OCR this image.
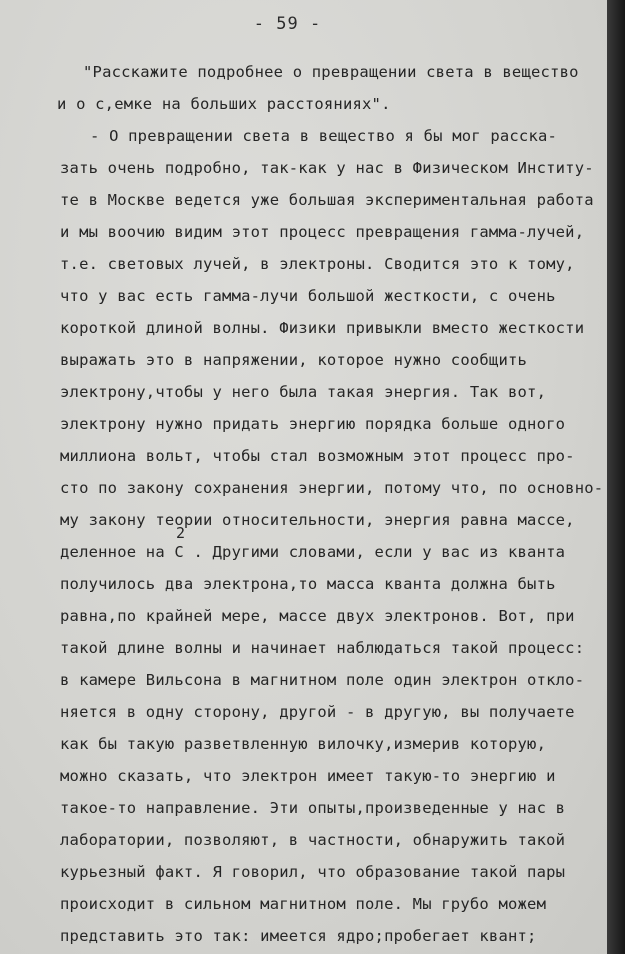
- 59 -
"Расскажите подробнее о превращении света в вещество
и о с,емке на больших расстояниях".
- О превращении света в вещество я бы мог расска-
зать очень подробно, так-как у нас в Физическом Институ-
те в Москве ведется уже большая экспериментальная работа
и мы воочию видим этот процесс превращения гамма-лучей,
т.е. световых лучей, в электроны. Сводится это к тому,
что у вас есть гамма-лучи большой жесткости, с очень
короткой длиной волны. Физики привыкли вместо жесткости
выражать это в напряжении, которое нужно сообщить
электрону,чтобы у него была такая энергия. Так вот,
электрону нужно придать энергию порядка больше одного
миллиона вольт, чтобы стал возможным этот процесс про-
сто по закону сохранения энергии, потому что, по основно-
му закону теории относительности, энергия равна массе,
2
деленное на С . Другими словами, если у вас из кванта
получилось два электрона,то масса кванта должна быть
равна,по крайней мере, массе двух электронов. Вот, при
такой длине волны и начинает наблюдаться такой процесс:
в камере Вильсона в магнитном поле один электрон откло-
няется в одну сторону, другой - в другую, вы получаете
как бы такую разветвленную вилочку,измерив которую,
можно сказать, что электрон имеет такую-то энергию и
такое-то направление. Эти опыты,произведенные у нас в
лаборатории, позволяют, в частности, обнаружить такой
курьезный факт. Я говорил, что образование такой пары
происходит в сильном магнитном поле. Мы грубо можем
представить это так: имеется ядро;пробегает квант;
